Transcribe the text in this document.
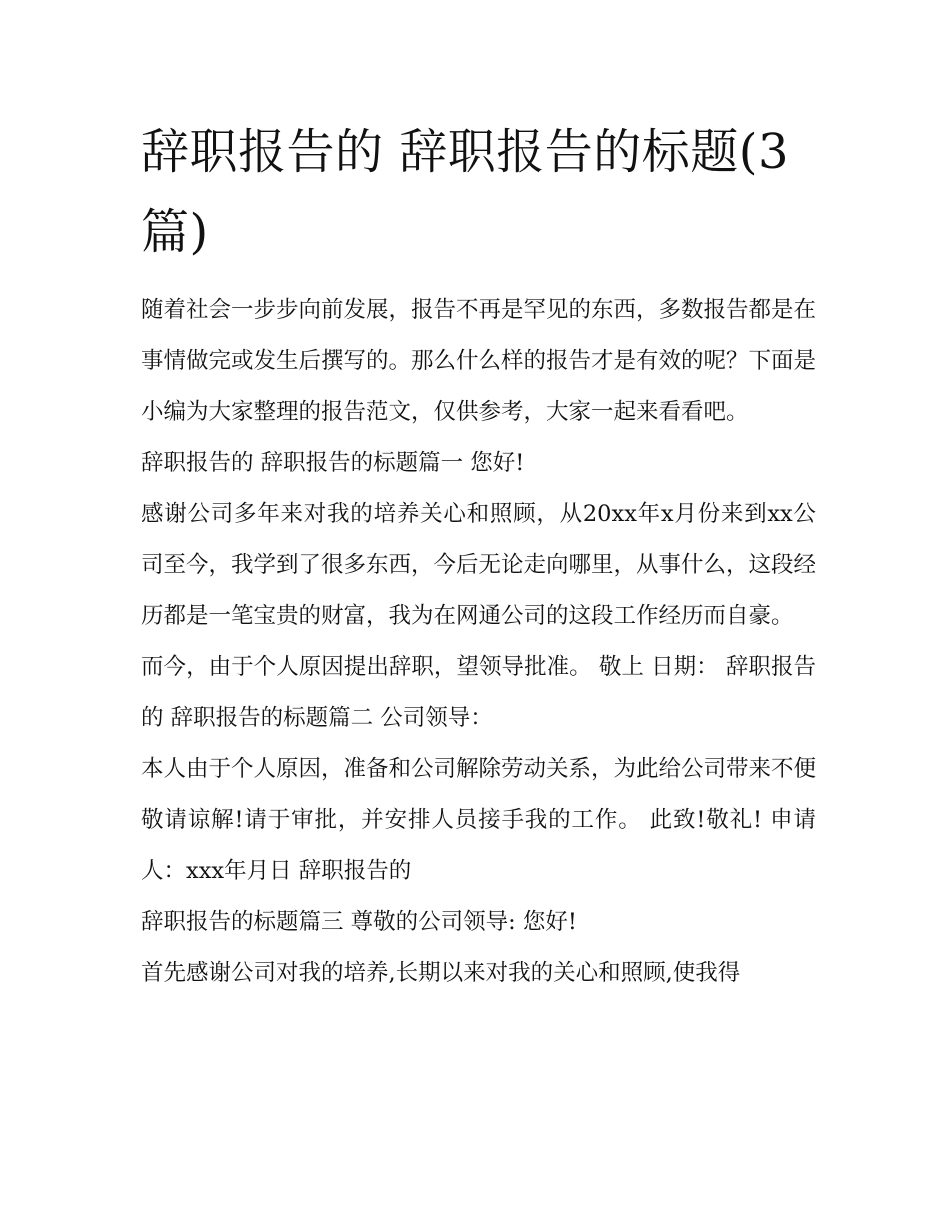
辞职报告的 辞职报告的标题(3篇)

随着社会一步步向前发展，报告不再是罕见的东西，多数报告都是在事情做完或发生后撰写的。那么什么样的报告才是有效的呢？下面是小编为大家整理的报告范文，仅供参考，大家一起来看看吧。

辞职报告的 辞职报告的标题篇一 您好!

感谢公司多年来对我的培养关心和照顾，从20xx年x月份来到xx公司至今，我学到了很多东西，今后无论走向哪里，从事什么，这段经历都是一笔宝贵的财富，我为在网通公司的这段工作经历而自豪。

而今，由于个人原因提出辞职，望领导批准。 敬上 日期： 辞职报告的 辞职报告的标题篇二 公司领导：

本人由于个人原因，准备和公司解除劳动关系，为此给公司带来不便敬请谅解!请于审批，并安排人员接手我的工作。 此致!敬礼! 申请人：xxx年月日 辞职报告的

辞职报告的标题篇三 尊敬的公司领导: 您好!

首先感谢公司对我的培养,长期以来对我的关心和照顾,使我得
